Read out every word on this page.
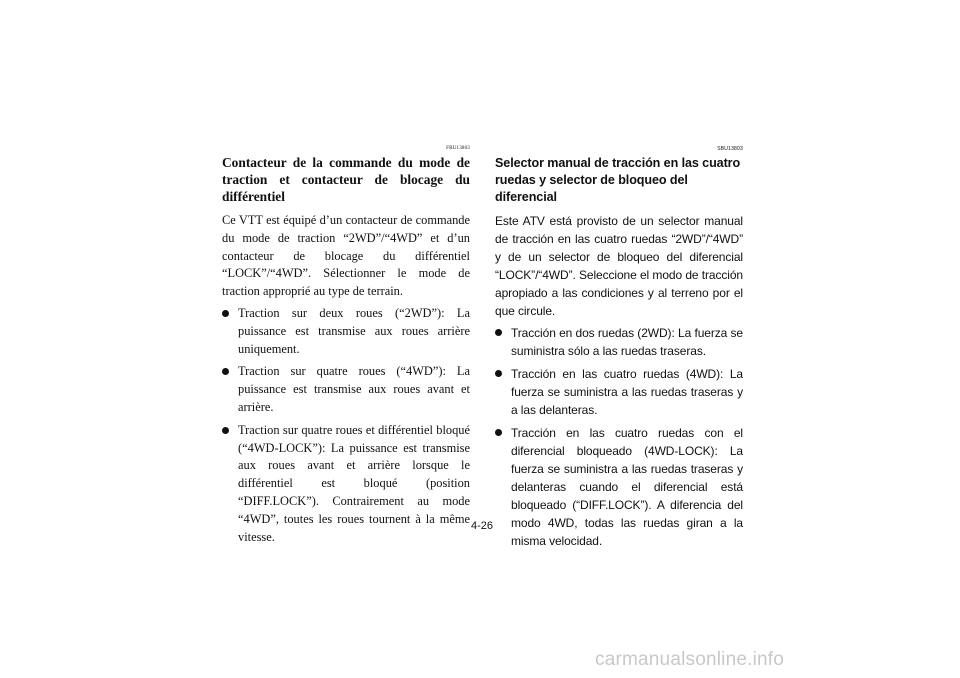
FBU13803
Contacteur de la commande du mode de traction et contacteur de blocage du différentiel

Ce VTT est équipé d’un contacteur de commande du mode de traction “2WD”/“4WD” et d’un contacteur de blocage du différentiel “LOCK”/“4WD”. Sélectionner le mode de traction approprié au type de terrain.

Traction sur deux roues (“2WD”): La puissance est transmise aux roues arrière uniquement.
Traction sur quatre roues (“4WD”): La puissance est transmise aux roues avant et arrière.
Traction sur quatre roues et différentiel bloqué (“4WD-LOCK”): La puissance est transmise aux roues avant et arrière lorsque le différentiel est bloqué (position “DIFF.LOCK”). Contrairement au mode “4WD”, toutes les roues tournent à la même vitesse.
SBU13803
Selector manual de tracción en las cuatro ruedas y selector de bloqueo del diferencial

Este ATV está provisto de un selector manual de tracción en las cuatro ruedas “2WD”/“4WD” y de un selector de bloqueo del diferencial “LOCK”/“4WD”. Seleccione el modo de tracción apropiado a las condiciones y al terreno por el que circule.

Tracción en dos ruedas (2WD): La fuerza se suministra sólo a las ruedas traseras.
Tracción en las cuatro ruedas (4WD): La fuerza se suministra a las ruedas traseras y a las delanteras.
Tracción en las cuatro ruedas con el diferencial bloqueado (4WD-LOCK): La fuerza se suministra a las ruedas traseras y delanteras cuando el diferencial está bloqueado (“DIFF.LOCK”). A diferencia del modo 4WD, todas las ruedas giran a la misma velocidad.
4-26
carmanualsonline.info
